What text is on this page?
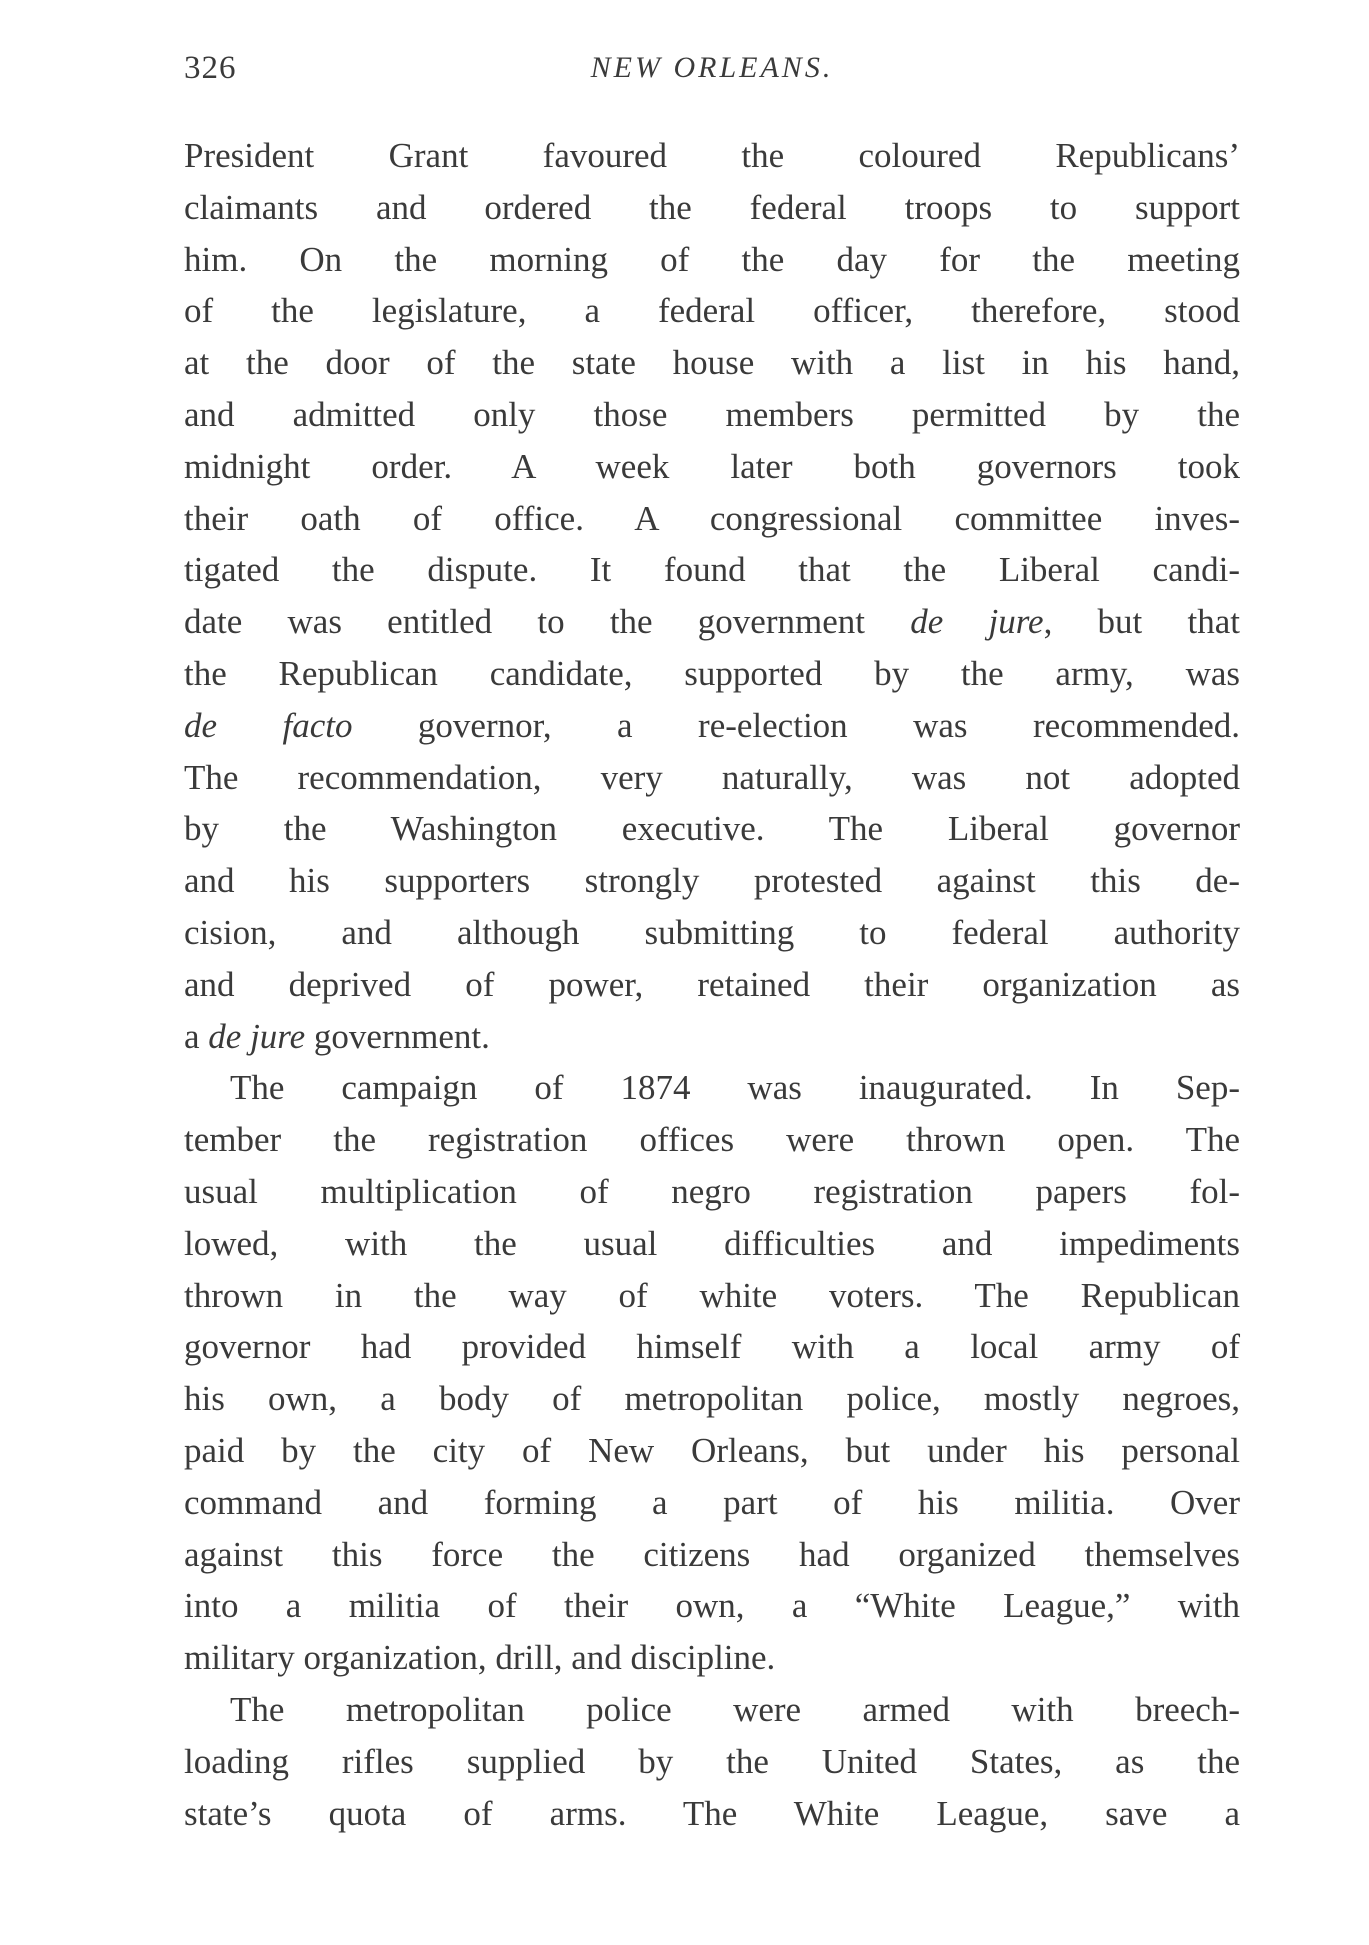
326	NEW ORLEANS.
President Grant favoured the coloured Republicans’
claimants and ordered the federal troops to support
him. On the morning of the day for the meeting
of the legislature, a federal officer, therefore, stood
at the door of the state house with a list in his hand,
and admitted only those members permitted by the
midnight order. A week later both governors took
their oath of office. A congressional committee inves-
tigated the dispute. It found that the Liberal candi-
date was entitled to the government de jure, but that
the Republican candidate, supported by the army, was
de facto governor, a re-election was recommended.
The recommendation, very naturally, was not adopted
by the Washington executive. The Liberal governor
and his supporters strongly protested against this de-
cision, and although submitting to federal authority
and deprived of power, retained their organization as
a de jure government.
The campaign of 1874 was inaugurated. In Sep-
tember the registration offices were thrown open. The
usual multiplication of negro registration papers fol-
lowed, with the usual difficulties and impediments
thrown in the way of white voters. The Republican
governor had provided himself with a local army of
his own, a body of metropolitan police, mostly negroes,
paid by the city of New Orleans, but under his personal
command and forming a part of his militia. Over
against this force the citizens had organized themselves
into a militia of their own, a “White League,” with
military organization, drill, and discipline.
The metropolitan police were armed with breech-
loading rifles supplied by the United States, as the
state’s quota of arms. The White League, save a
